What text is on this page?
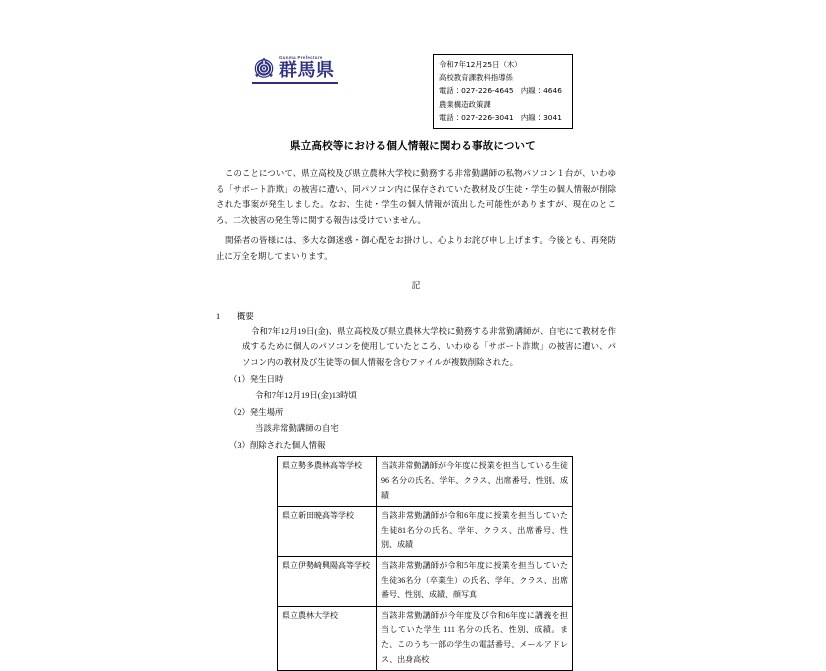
Gunma Prefecture
群馬県	令和7年12月25日（木）
高校教育課教科指導係
電話：027-226-4645　内線：4646
農業構造政策課
電話：027-226-3041　内線：3041
県立高校等における個人情報に関わる事故について

このことについて、県立高校及び県立農林大学校に勤務する非常勤講師の私物パソコン１台が、いわゆる「サポート詐欺」の被害に遭い、同パソコン内に保存されていた教材及び生徒・学生の個人情報が削除された事案が発生しました。なお、生徒・学生の個人情報が流出した可能性がありますが、現在のところ、二次被害の発生等に関する報告は受けていません。

関係者の皆様には、多大な御迷惑・御心配をお掛けし、心よりお詫び申し上げます。今後とも、再発防止に万全を期してまいります。

記

1	概要

令和7年12月19日(金)、県立高校及び県立農林大学校に勤務する非常勤講師が、自宅にて教材を作成するために個人のパソコンを使用していたところ、いわゆる「サポート詐欺」の被害に遭い、パソコン内の教材及び生徒等の個人情報を含むファイルが複数削除された。

（1）発生日時

令和7年12月19日(金)13時頃

（2）発生場所

当該非常勤講師の自宅

（3）削除された個人情報

県立勢多農林高等学校	当該非常勤講師が今年度に授業を担当している生徒 96 名分の氏名、学年、クラス、出席番号、性別、成績
県立新田暁高等学校	当該非常勤講師が令和6年度に授業を担当していた生徒81名分の氏名、学年、クラス、出席番号、性別、成績
県立伊勢崎興陽高等学校	当該非常勤講師が令和5年度に授業を担当していた生徒36名分（卒業生）の氏名、学年、クラス、出席番号、性別、成績、顔写真
県立農林大学校	当該非常勤講師が今年度及び令和6年度に講義を担当していた学生 111 名分の氏名、性別、成績。また、このうち一部の学生の電話番号、メールアドレス、出身高校
